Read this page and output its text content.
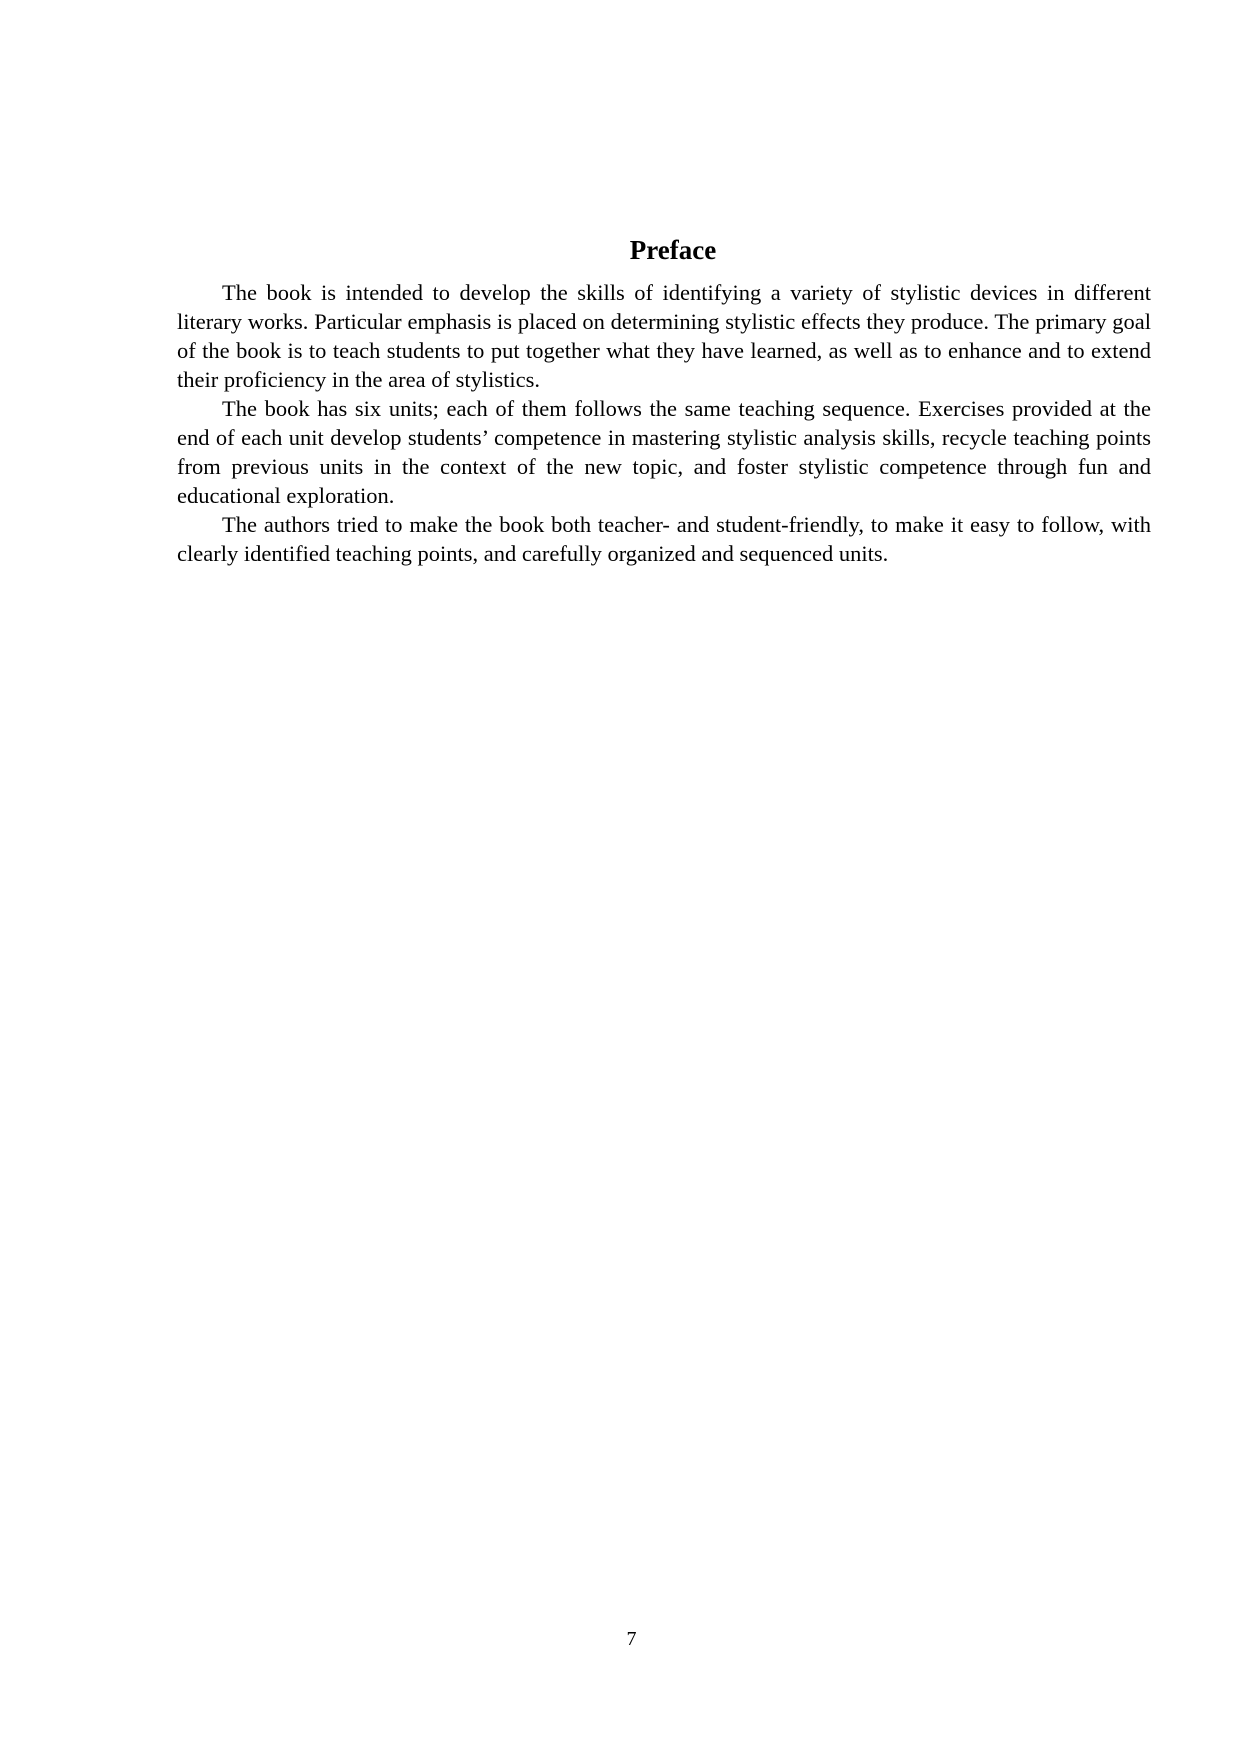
Preface

The book is intended to develop the skills of identifying a variety of stylistic devices in different literary works. Particular emphasis is placed on determining stylistic effects they produce. The primary goal of the book is to teach students to put together what they have learned, as well as to enhance and to extend their proficiency in the area of stylistics.

The book has six units; each of them follows the same teaching sequence. Exercises provided at the end of each unit develop students’ competence in mastering stylistic analysis skills, recycle teaching points from previous units in the context of the new topic, and foster stylistic competence through fun and educational exploration.

The authors tried to make the book both teacher- and student-friendly, to make it easy to follow, with clearly identified teaching points, and carefully organized and sequenced units.

7
